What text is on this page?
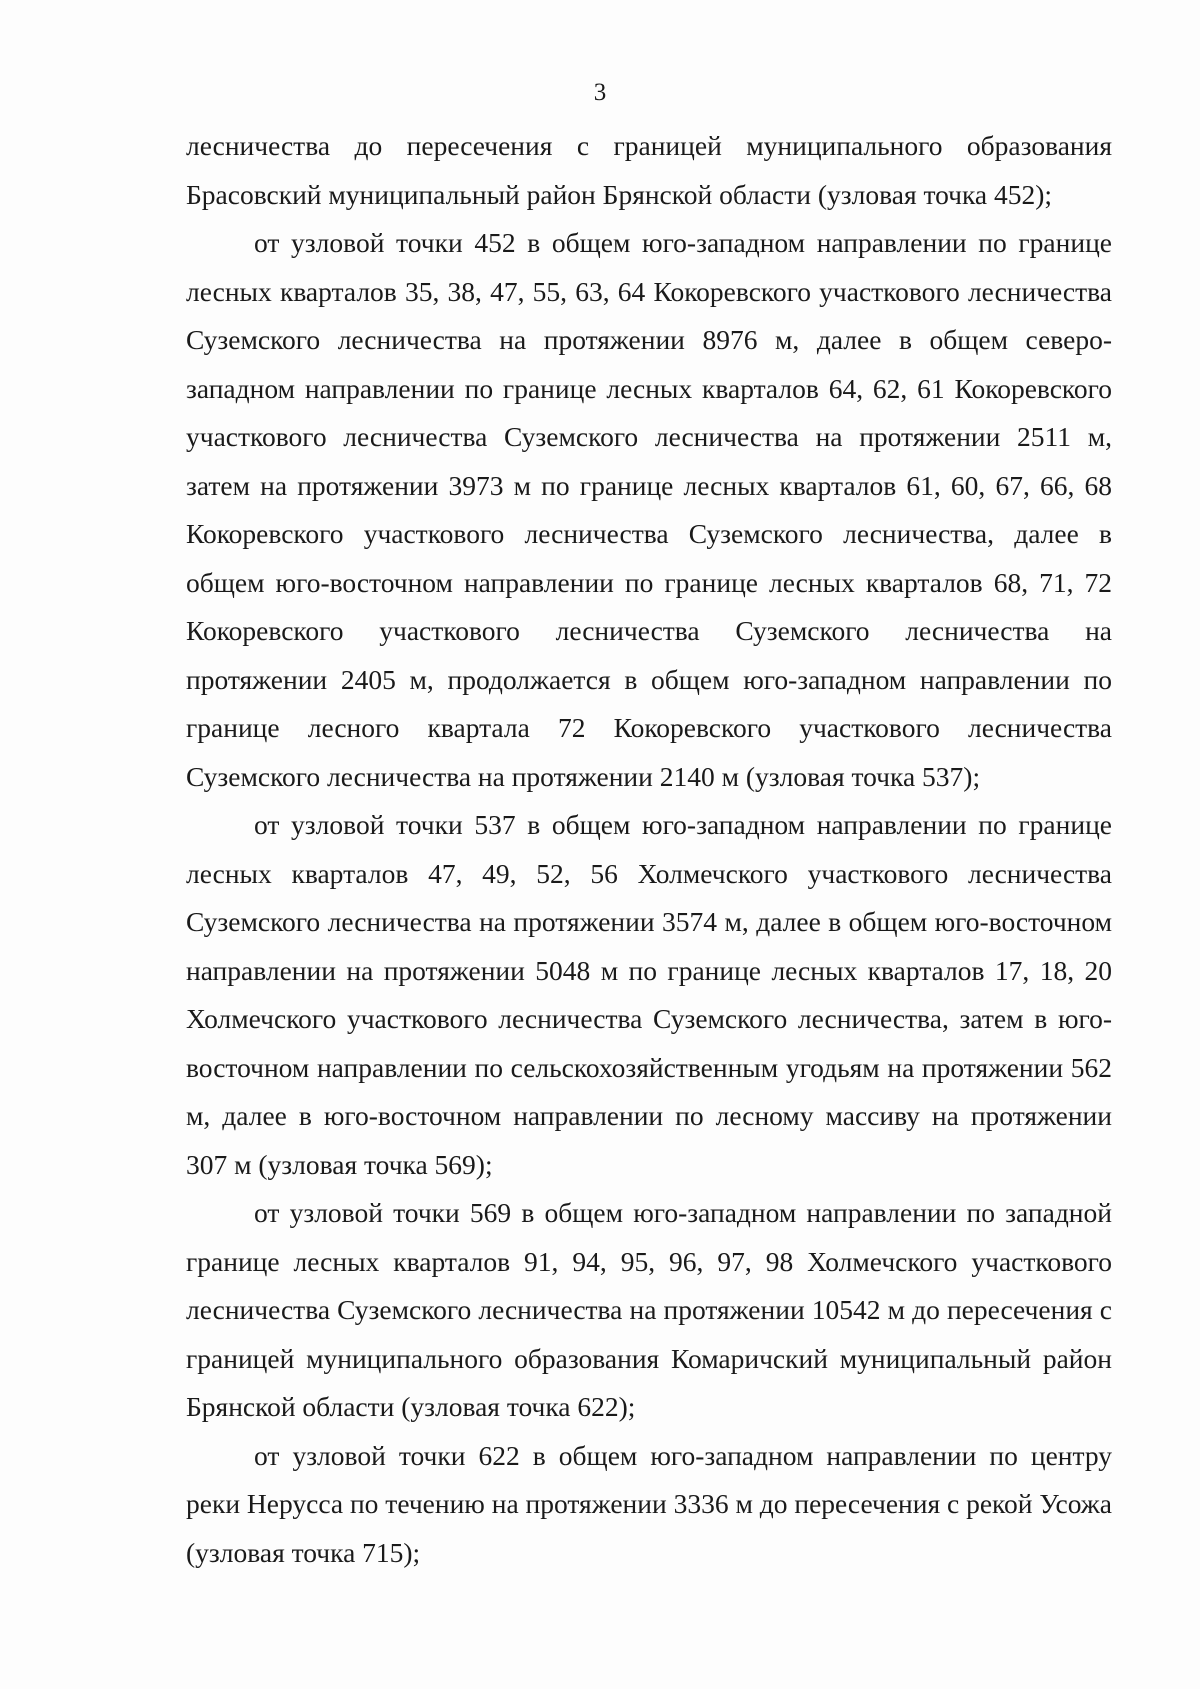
3

лесничества до пересечения с границей муниципального образования Брасовский муниципальный район Брянской области (узловая точка 452);

от узловой точки 452 в общем юго-западном направлении по границе лесных кварталов 35, 38, 47, 55, 63, 64 Кокоревского участкового лесничества Суземского лесничества на протяжении 8976 м, далее в общем северо-западном направлении по границе лесных кварталов 64, 62, 61 Кокоревского участкового лесничества Суземского лесничества на протяжении 2511 м, затем на протяжении 3973 м по границе лесных кварталов 61, 60, 67, 66, 68 Кокоревского участкового лесничества Суземского лесничества, далее в общем юго-восточном направлении по границе лесных кварталов 68, 71, 72 Кокоревского участкового лесничества Суземского лесничества на протяжении 2405 м, продолжается в общем юго-западном направлении по границе лесного квартала 72 Кокоревского участкового лесничества Суземского лесничества на протяжении 2140 м (узловая точка 537);

от узловой точки 537 в общем юго-западном направлении по границе лесных кварталов 47, 49, 52, 56 Холмечского участкового лесничества Суземского лесничества на протяжении 3574 м, далее в общем юго-восточном направлении на протяжении 5048 м по границе лесных кварталов 17, 18, 20 Холмечского участкового лесничества Суземского лесничества, затем в юго-восточном направлении по сельскохозяйственным угодьям на протяжении 562 м, далее в юго-восточном направлении по лесному массиву на протяжении 307 м (узловая точка 569);

от узловой точки 569 в общем юго-западном направлении по западной границе лесных кварталов 91, 94, 95, 96, 97, 98 Холмечского участкового лесничества Суземского лесничества на протяжении 10542 м до пересечения с границей муниципального образования Комаричский муниципальный район Брянской области (узловая точка 622);

от узловой точки 622 в общем юго-западном направлении по центру реки Нерусса по течению на протяжении 3336 м до пересечения с рекой Усожа (узловая точка 715);
